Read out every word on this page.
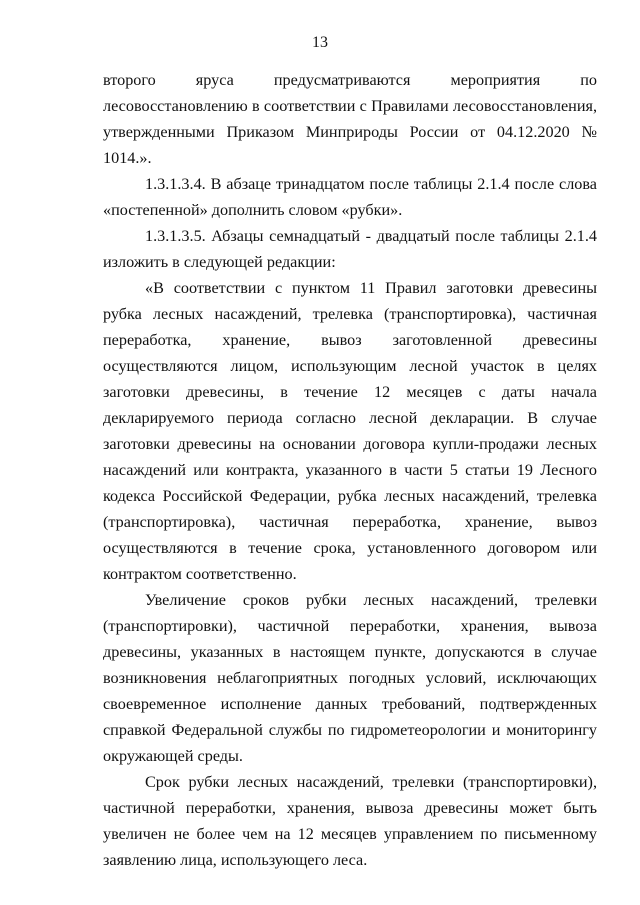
13

второго яруса предусматриваются мероприятия по лесовосстановлению в соответствии с Правилами лесовосстановления, утвержденными Приказом Минприроды России от 04.12.2020 № 1014.».

1.3.1.3.4. В абзаце тринадцатом после таблицы 2.1.4 после слова «постепенной» дополнить словом «рубки».

1.3.1.3.5. Абзацы семнадцатый - двадцатый после таблицы 2.1.4 изложить в следующей редакции:

«В соответствии с пунктом 11 Правил заготовки древесины рубка лесных насаждений, трелевка (транспортировка), частичная переработка, хранение, вывоз заготовленной древесины осуществляются лицом, использующим лесной участок в целях заготовки древесины, в течение 12 месяцев с даты начала декларируемого периода согласно лесной декларации. В случае заготовки древесины на основании договора купли-продажи лесных насаждений или контракта, указанного в части 5 статьи 19 Лесного кодекса Российской Федерации, рубка лесных насаждений, трелевка (транспортировка), частичная переработка, хранение, вывоз осуществляются в течение срока, установленного договором или контрактом соответственно.

Увеличение сроков рубки лесных насаждений, трелевки (транспортировки), частичной переработки, хранения, вывоза древесины, указанных в настоящем пункте, допускаются в случае возникновения неблагоприятных погодных условий, исключающих своевременное исполнение данных требований, подтвержденных справкой Федеральной службы по гидрометеорологии и мониторингу окружающей среды.

Срок рубки лесных насаждений, трелевки (транспортировки), частичной переработки, хранения, вывоза древесины может быть увеличен не более чем на 12 месяцев управлением по письменному заявлению лица, использующего леса.
